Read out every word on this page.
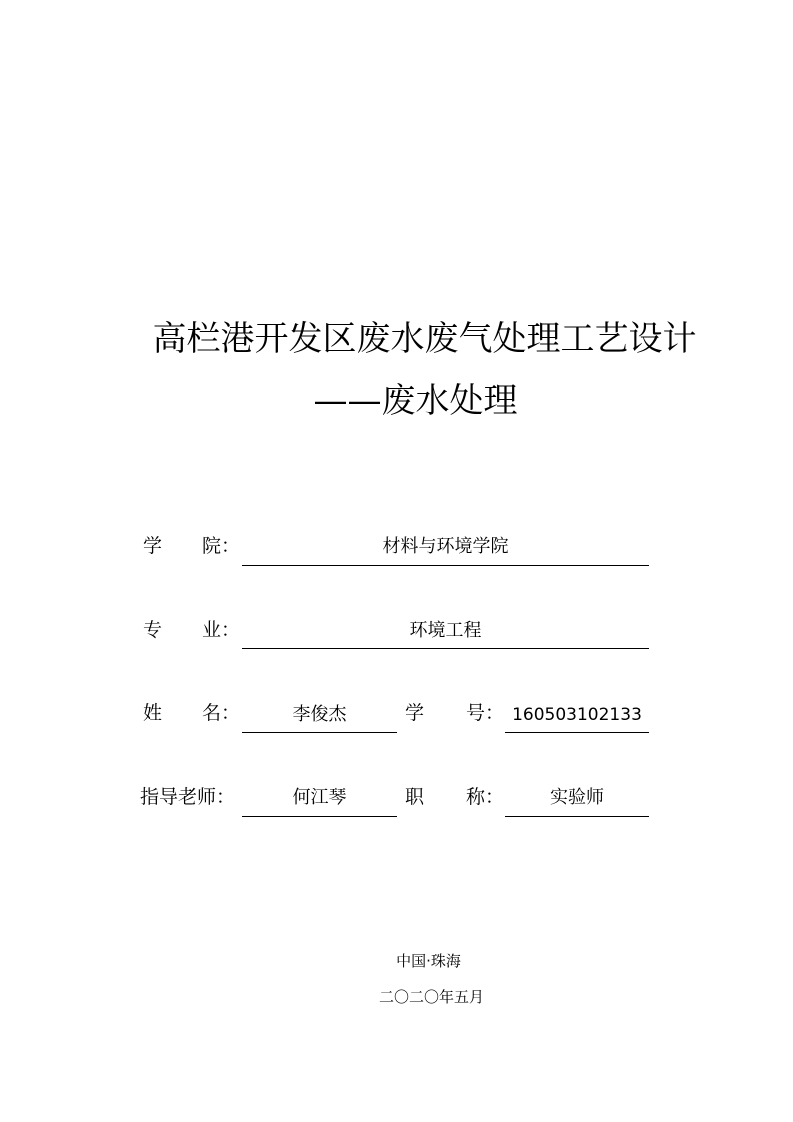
高栏港开发区废水废气处理工艺设计
——废水处理
学 院：	材料与环境学院
专 业：	环境工程
姓 名：	李俊杰	学 号： 160503102133
指导老师：	何江琴	职 称：	实验师
中国·珠海
二〇二〇年五月
